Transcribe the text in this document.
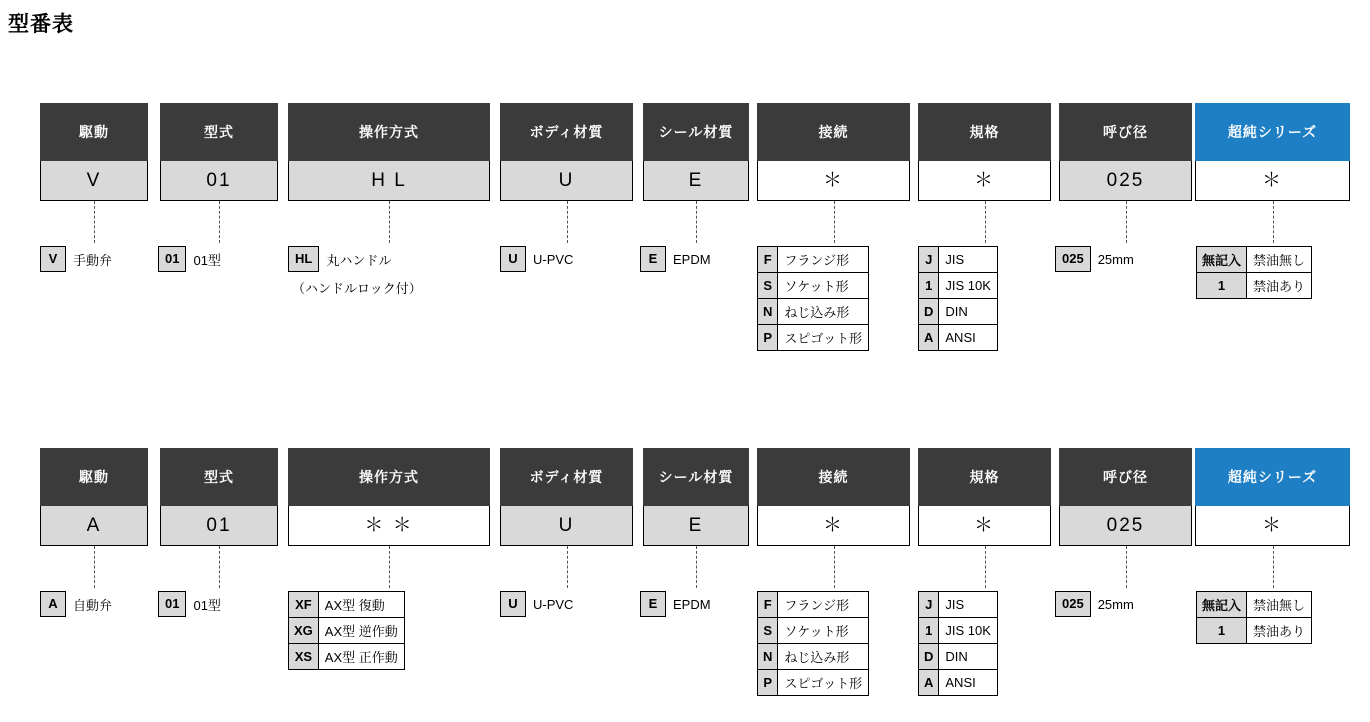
型番表
駆動
V
型式
01
操作方式
H L
ボディ材質
U
シール材質
E
接続
＊
規格
＊
呼び径
025
超純シリーズ
＊
V	手動弁	01	01型	HL	丸ハンドル
（ハンドルロック付）
U	U-PVC	E	EPDM	F	フランジ形
S	ソケット形
N	ねじ込み形
P	スピゴット形
J	JIS
1	JIS 10K
D	DIN
A	ANSI
025	25mm	無記入	禁油無し
1	禁油あり
駆動
A
型式
01
操作方式
＊ ＊
ボディ材質
U
シール材質
E
接続
＊
規格
＊
呼び径
025
超純シリーズ
＊
A	自動弁	01	01型	XF	AX型 復動
XG	AX型 逆作動
XS	AX型 正作動
U	U-PVC	E	EPDM	F	フランジ形
S	ソケット形
N	ねじ込み形
P	スピゴット形
J	JIS
1	JIS 10K
D	DIN
A	ANSI
025	25mm	無記入	禁油無し
1	禁油あり
